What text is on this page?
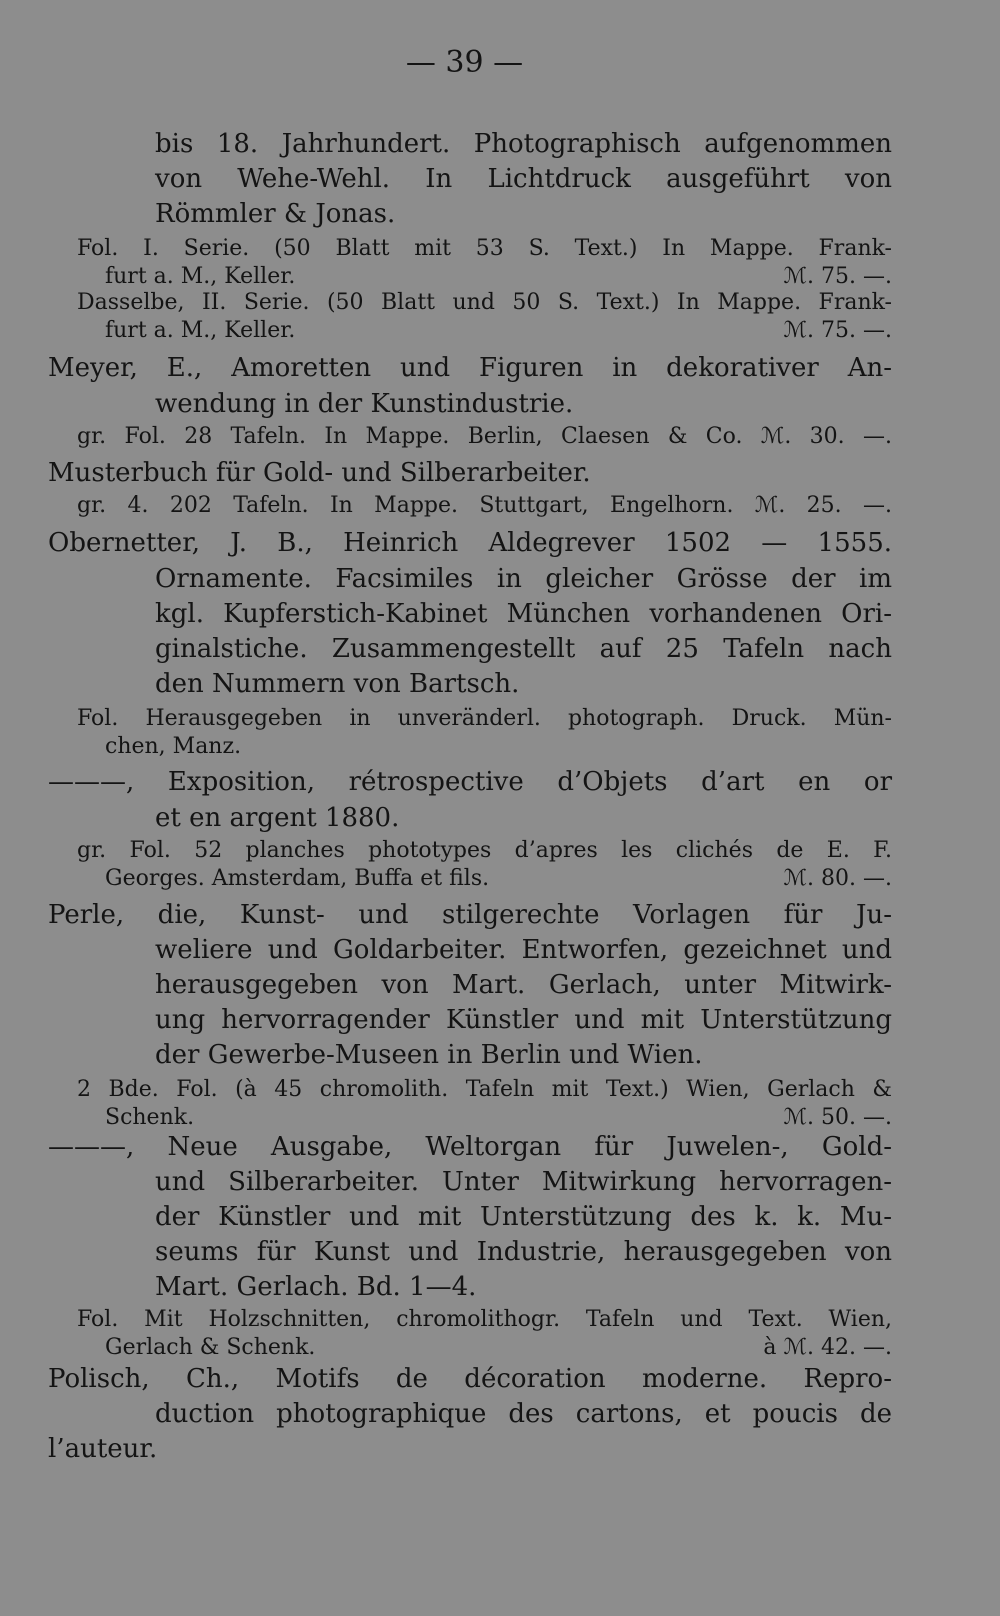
— 39 —
bis 18. Jahrhundert. Photographisch aufgenommen
von Wehe-Wehl. In Lichtdruck ausgeführt von
Römmler & Jonas.
Fol. I. Serie. (50 Blatt mit 53 S. Text.) In Mappe. Frank-
furt a. M., Keller.	ℳ. 75. —.
Dasselbe, II. Serie. (50 Blatt und 50 S. Text.) In Mappe. Frank-
furt a. M., Keller.	ℳ. 75. —.
Meyer, E., Amoretten und Figuren in dekorativer An-
wendung in der Kunstindustrie.
gr. Fol. 28 Tafeln. In Mappe. Berlin, Claesen & Co. ℳ. 30. —.
Musterbuch für Gold- und Silberarbeiter.
gr. 4. 202 Tafeln. In Mappe. Stuttgart, Engelhorn. ℳ. 25. —.
Obernetter, J. B., Heinrich Aldegrever 1502 — 1555.
Ornamente. Facsimiles in gleicher Grösse der im
kgl. Kupferstich-Kabinet München vorhandenen Ori-
ginalstiche. Zusammengestellt auf 25 Tafeln nach
den Nummern von Bartsch.
Fol. Herausgegeben in unveränderl. photograph. Druck. Mün-
chen, Manz.
———, Exposition, rétrospective d’Objets d’art en or
et en argent 1880.
gr. Fol. 52 planches phototypes d’apres les clichés de E. F.
Georges. Amsterdam, Buffa et fils.	ℳ. 80. —.
Perle, die, Kunst- und stilgerechte Vorlagen für Ju-
weliere und Goldarbeiter. Entworfen, gezeichnet und
herausgegeben von Mart. Gerlach, unter Mitwirk-
ung hervorragender Künstler und mit Unterstützung
der Gewerbe-Museen in Berlin und Wien.
2 Bde. Fol. (à 45 chromolith. Tafeln mit Text.) Wien, Gerlach &
Schenk.	ℳ. 50. —.
———, Neue Ausgabe, Weltorgan für Juwelen-, Gold-
und Silberarbeiter. Unter Mitwirkung hervorragen-
der Künstler und mit Unterstützung des k. k. Mu-
seums für Kunst und Industrie, herausgegeben von
Mart. Gerlach. Bd. 1—4.
Fol. Mit Holzschnitten, chromolithogr. Tafeln und Text. Wien,
Gerlach & Schenk.	à ℳ. 42. —.
Polisch, Ch., Motifs de décoration moderne. Repro-
duction photographique des cartons, et poucis de
l’auteur.
